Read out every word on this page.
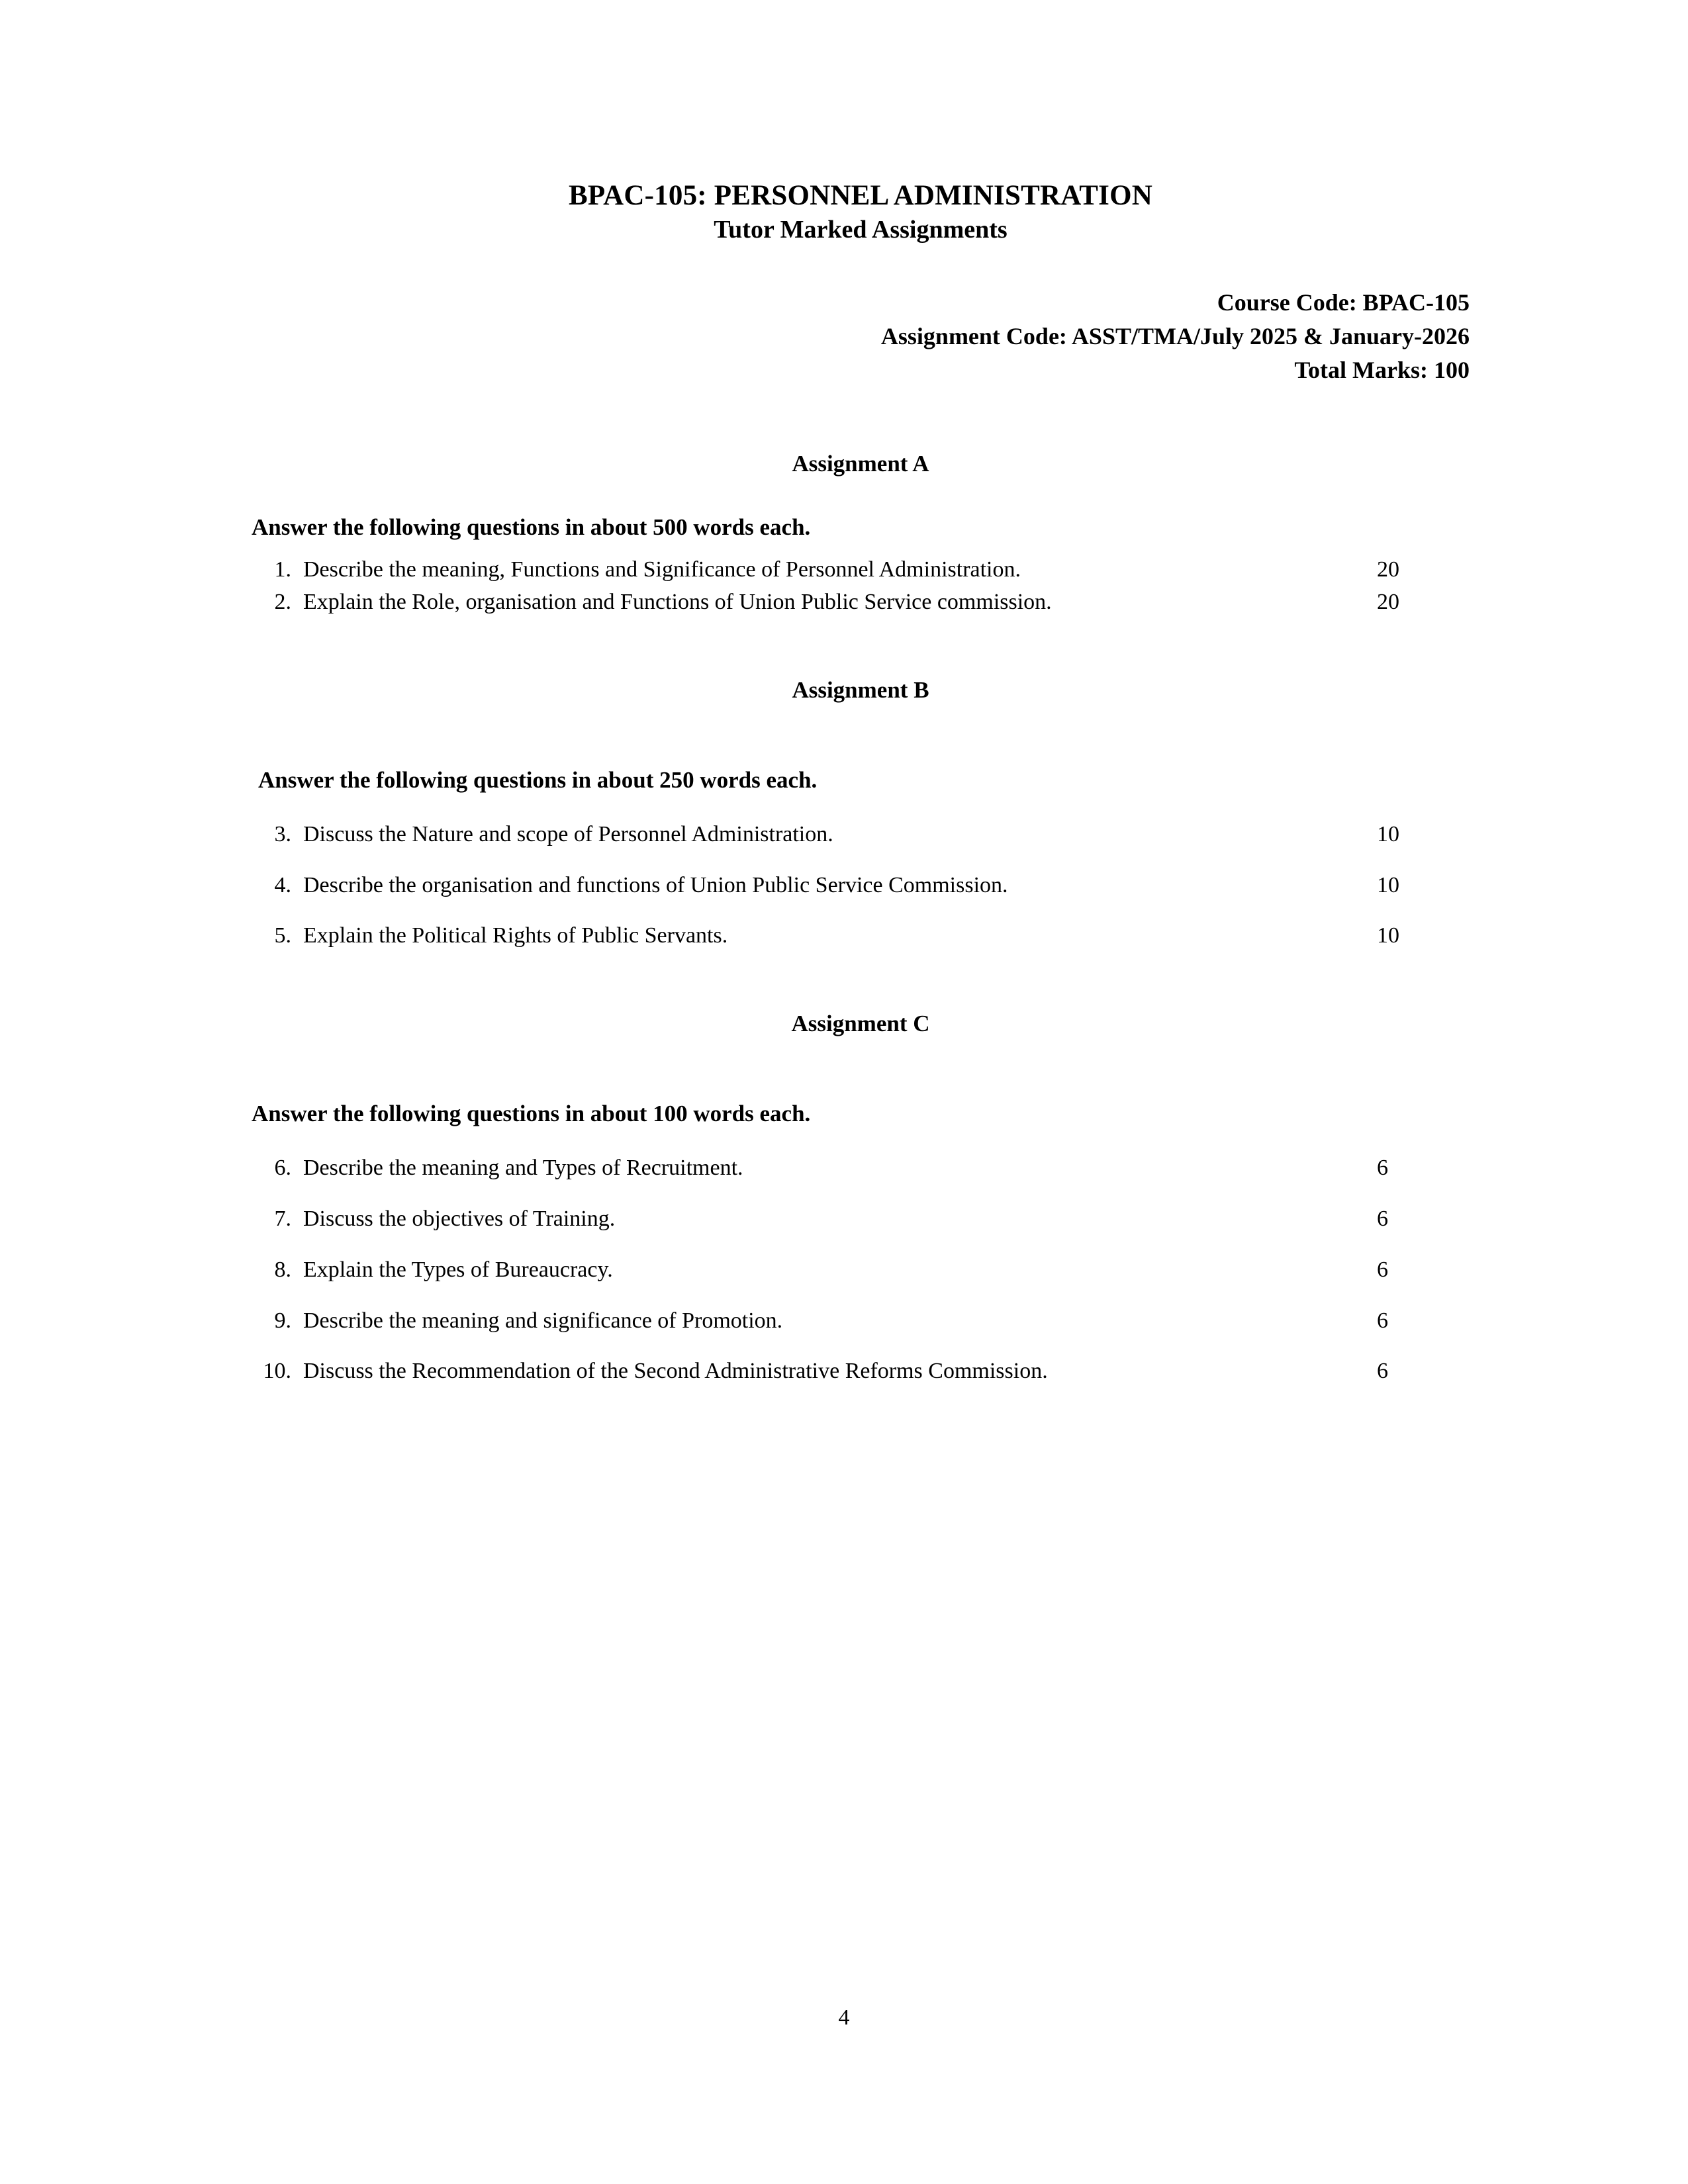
BPAC-105: PERSONNEL ADMINISTRATION
Tutor Marked Assignments
Course Code: BPAC-105
Assignment Code: ASST/TMA/July 2025 & January-2026
Total Marks: 100
Assignment A
Answer the following questions in about 500 words each.
1. Describe the meaning, Functions and Significance of Personnel Administration.	20
2. Explain the Role, organisation and Functions of Union Public Service commission.	20
Assignment B
Answer the following questions in about 250 words each.
3. Discuss the Nature and scope of Personnel Administration.	10
4. Describe the organisation and functions of Union Public Service Commission.	10
5. Explain the Political Rights of Public Servants.	10
Assignment C
Answer the following questions in about 100 words each.
6. Describe the meaning and Types of Recruitment.	6
7. Discuss the objectives of Training.	6
8. Explain the Types of Bureaucracy.	6
9. Describe the meaning and significance of Promotion.	6
10. Discuss the Recommendation of the Second Administrative Reforms Commission.	6
4
